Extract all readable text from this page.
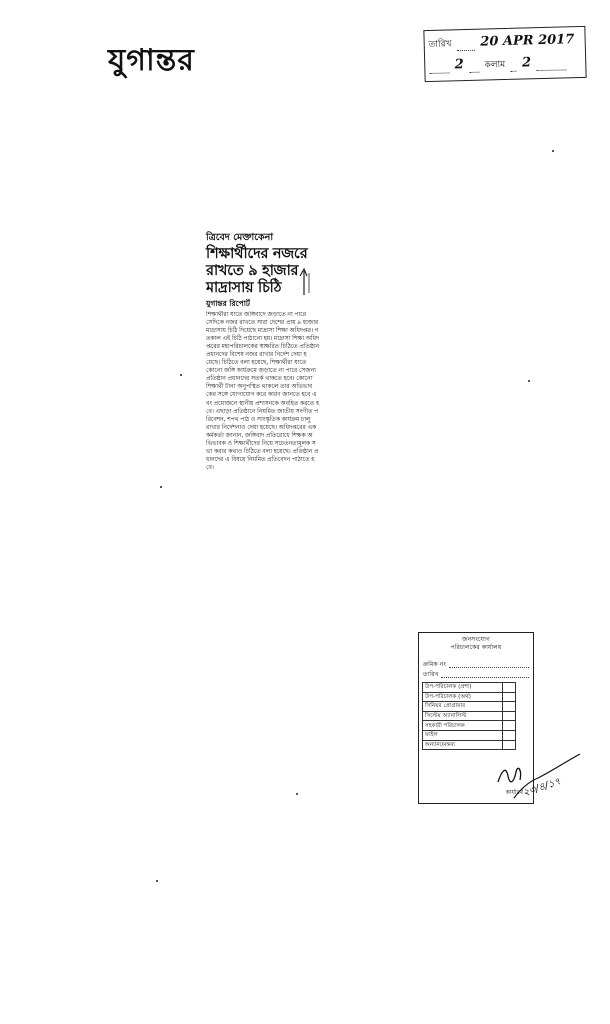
যুগান্তর	তারিখ 20 APR 2017
2 কলাম 2
ত্রিবেদ মেক্তাকেনা
শিক্ষার্থীদের নজরে
রাখতে ৯ হাজার
মাদ্রাসায় চিঠি
যুগান্তর রিপোর্ট
শিক্ষার্থীরা যাতে জঙ্গিবাদে জড়াতে না পারে সেদিকে নজর রাখতে সারা দেশের প্রায় ৯ হাজার মাদ্রাসায় চিঠি দিয়েছে মাদ্রাসা শিক্ষা অধিদপ্তর। গতকাল এই চিঠি পাঠানো হয়। মাদ্রাসা শিক্ষা অধিদপ্তরের মহাপরিচালকের স্বাক্ষরিত চিঠিতে প্রতিষ্ঠান প্রধানদের বিশেষ নজর রাখার নির্দেশ দেয়া হয়েছে। চিঠিতে বলা হয়েছে, শিক্ষার্থীরা যাতে কোনো জঙ্গি কার্যক্রমে জড়াতে না পারে সেজন্য প্রতিষ্ঠান প্রধানদের সতর্ক থাকতে হবে। কোনো শিক্ষার্থী টানা অনুপস্থিত থাকলে তার অভিভাবকের সঙ্গে যোগাযোগ করে কারণ জানতে হবে এবং প্রয়োজনে স্থানীয় প্রশাসনকে অবহিত করতে হবে। এছাড়া প্রতিষ্ঠানে নিয়মিত জাতীয় সংগীত পরিবেশন, শপথ পাঠ ও সাংস্কৃতিক কার্যক্রম চালু রাখার নির্দেশনাও দেয়া হয়েছে। অধিদপ্তরের এক কর্মকর্তা জানান, জঙ্গিবাদ প্রতিরোধে শিক্ষক অভিভাবক ও শিক্ষার্থীদের নিয়ে সচেতনতামূলক সভা করার কথাও চিঠিতে বলা হয়েছে। প্রতিষ্ঠান প্রধানদের এ বিষয়ে নিয়মিত প্রতিবেদন পাঠাতে হবে।
জনসংযোগ
পরিচালকের কার্যালয়
ক্রমিক নং
তারিখ
উপ-পরিচালক (প্রশা)	
উপ-পরিচালক (অর্থ)	
সিনিয়র প্রোগ্রামার	
সিস্টেম অ্যানালিস্ট	
সহকারী পরিচালক	
ফাইল	
অন্যান্য/মন্তব্য	
কার্যার্থে
২৩/৪/১৭
